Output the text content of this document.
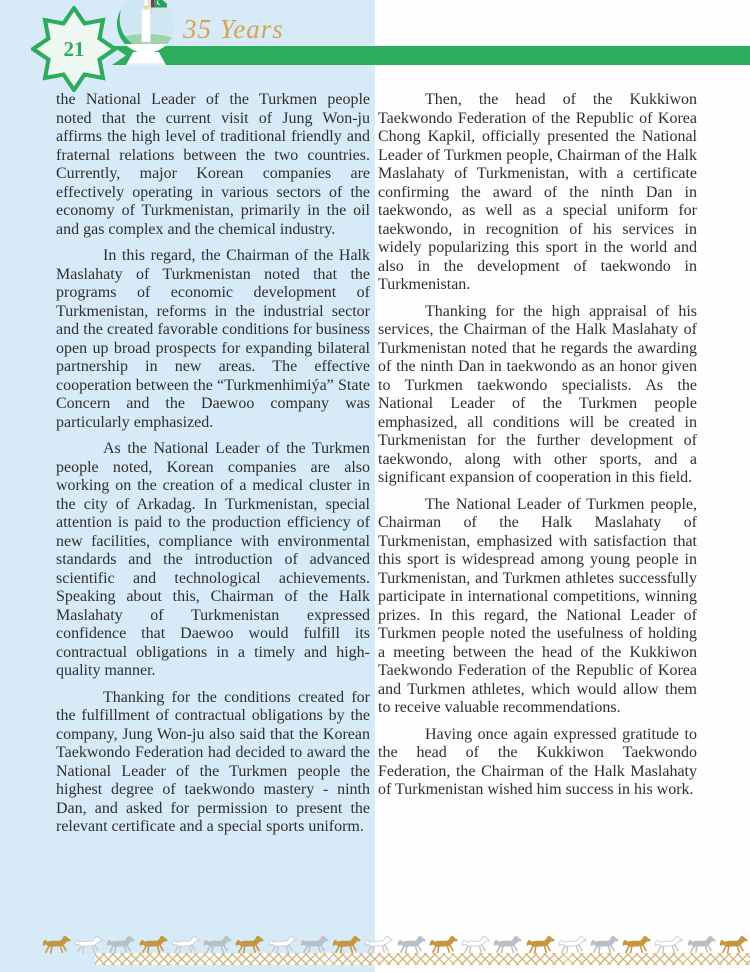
21
35 Years

the National Leader of the Turkmen people noted that the current visit of Jung Won-ju affirms the high level of traditional friendly and fraternal relations between the two countries. Currently, major Korean companies are effectively operating in various sectors of the economy of Turkmenistan, primarily in the oil and gas complex and the chemical industry.

In this regard, the Chairman of the Halk Maslahaty of Turkmenistan noted that the programs of economic development of Turkmenistan, reforms in the industrial sector and the created favorable conditions for business open up broad prospects for expanding bilateral partnership in new areas. The effective cooperation between the “Turkmenhimiýa” State Concern and the Daewoo company was particularly emphasized.

As the National Leader of the Turkmen people noted, Korean companies are also working on the creation of a medical cluster in the city of Arkadag. In Turkmenistan, special attention is paid to the production efficiency of new facilities, compliance with environmental standards and the introduction of advanced scientific and technological achievements. Speaking about this, Chairman of the Halk Maslahaty of Turkmenistan expressed confidence that Daewoo would fulfill its contractual obligations in a timely and high-quality manner.

Thanking for the conditions created for the fulfillment of contractual obligations by the company, Jung Won-ju also said that the Korean Taekwondo Federation had decided to award the National Leader of the Turkmen people the highest degree of taekwondo mastery - ninth Dan, and asked for permission to present the relevant certificate and a special sports uniform.

Then, the head of the Kukkiwon Taekwondo Federation of the Republic of Korea Chong Kapkil, officially presented the National Leader of Turkmen people, Chairman of the Halk Maslahaty of Turkmenistan, with a certificate confirming the award of the ninth Dan in taekwondo, as well as a special uniform for taekwondo, in recognition of his services in widely popularizing this sport in the world and also in the development of taekwondo in Turkmenistan.

Thanking for the high appraisal of his services, the Chairman of the Halk Maslahaty of Turkmenistan noted that he regards the awarding of the ninth Dan in taekwondo as an honor given to Turkmen taekwondo specialists. As the National Leader of the Turkmen people emphasized, all conditions will be created in Turkmenistan for the further development of taekwondo, along with other sports, and a significant expansion of cooperation in this field.

The National Leader of Turkmen people, Chairman of the Halk Maslahaty of Turkmenistan, emphasized with satisfaction that this sport is widespread among young people in Turkmenistan, and Turkmen athletes successfully participate in international competitions, winning prizes. In this regard, the National Leader of Turkmen people noted the usefulness of holding a meeting between the head of the Kukkiwon Taekwondo Federation of the Republic of Korea and Turkmen athletes, which would allow them to receive valuable recommendations.

Having once again expressed gratitude to the head of the Kukkiwon Taekwondo Federation, the Chairman of the Halk Maslahaty of Turkmenistan wished him success in his work.
